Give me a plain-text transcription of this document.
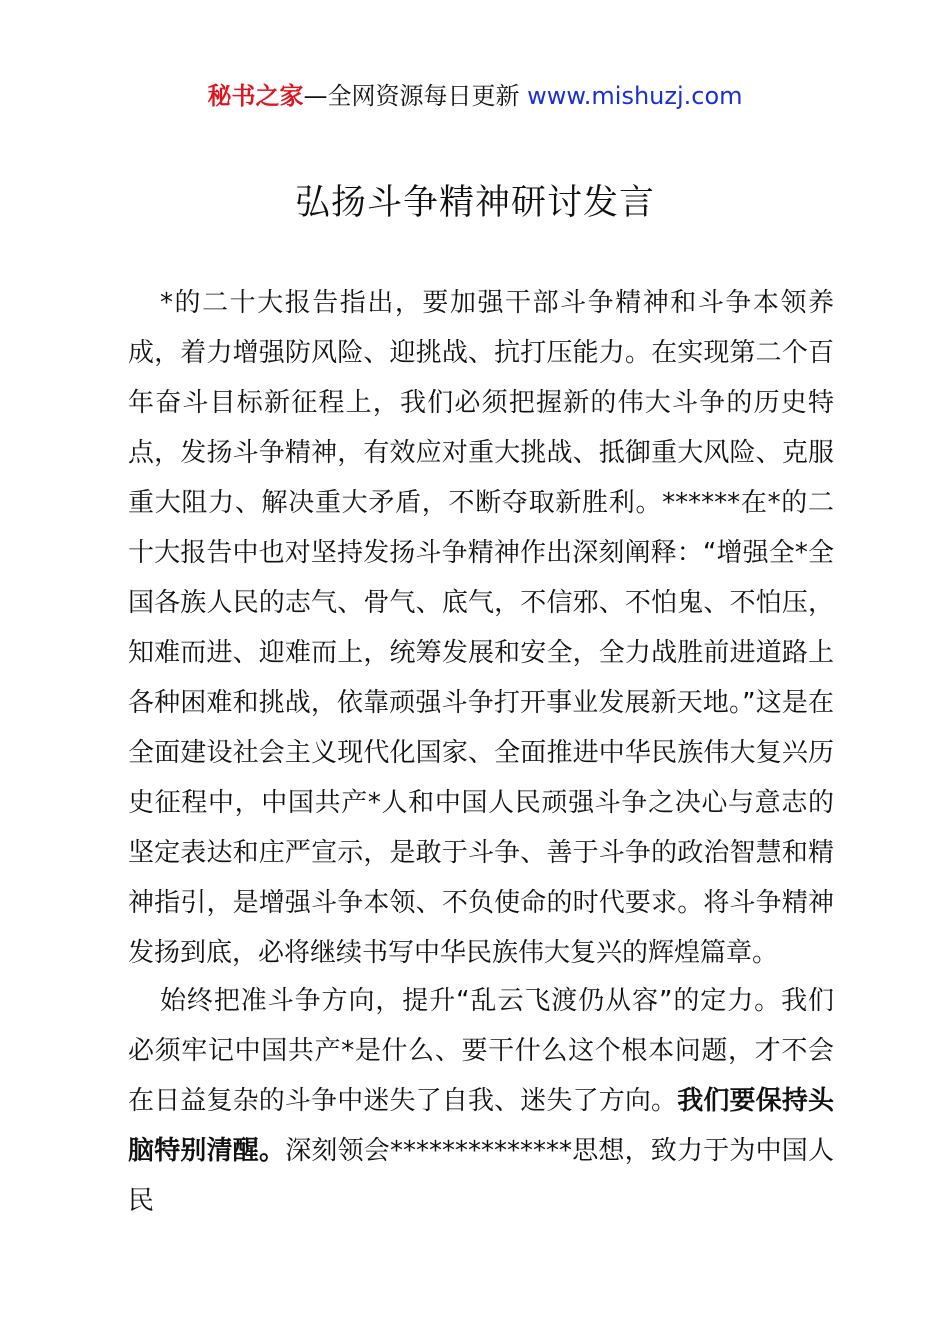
秘书之家—全网资源每日更新 www.mishuzj.com
弘扬斗争精神研讨发言

*的二十大报告指出，要加强干部斗争精神和斗争本领养成，着力增强防风险、迎挑战、抗打压能力。在实现第二个百年奋斗目标新征程上，我们必须把握新的伟大斗争的历史特点，发扬斗争精神，有效应对重大挑战、抵御重大风险、克服重大阻力、解决重大矛盾，不断夺取新胜利。******在*的二十大报告中也对坚持发扬斗争精神作出深刻阐释：“增强全*全国各族人民的志气、骨气、底气，不信邪、不怕鬼、不怕压，知难而进、迎难而上，统筹发展和安全，全力战胜前进道路上各种困难和挑战，依靠顽强斗争打开事业发展新天地。”这是在全面建设社会主义现代化国家、全面推进中华民族伟大复兴历史征程中，中国共产*人和中国人民顽强斗争之决心与意志的坚定表达和庄严宣示，是敢于斗争、善于斗争的政治智慧和精神指引，是增强斗争本领、不负使命的时代要求。将斗争精神发扬到底，必将继续书写中华民族伟大复兴的辉煌篇章。

始终把准斗争方向，提升“乱云飞渡仍从容”的定力。我们必须牢记中国共产*是什么、要干什么这个根本问题，才不会在日益复杂的斗争中迷失了自我、迷失了方向。我们要保持头脑特别清醒。深刻领会**************思想，致力于为中国人民
